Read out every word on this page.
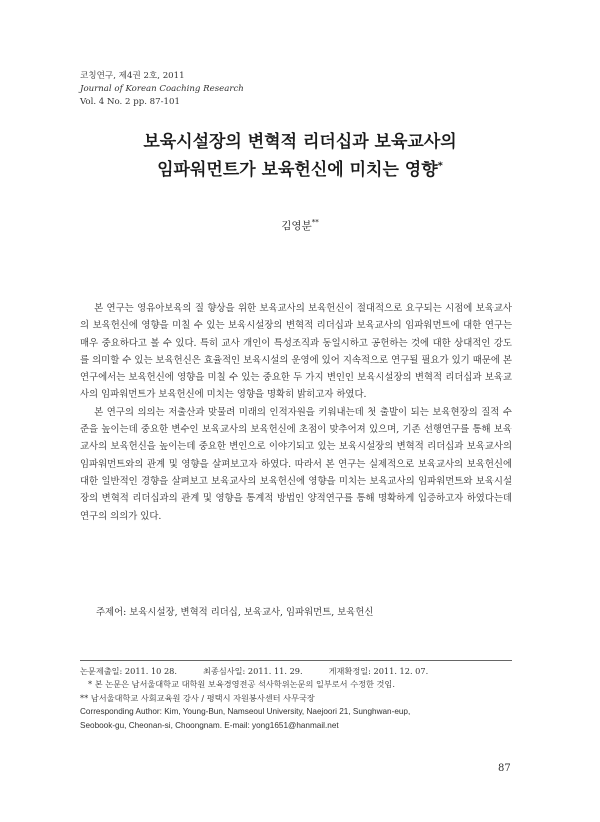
코칭연구, 제4권 2호, 2011
Journal of Korean Coaching Research
Vol. 4 No. 2 pp. 87-101
보육시설장의 변혁적 리더십과 보육교사의
임파워먼트가 보육헌신에 미치는 영향*
김영분**

본 연구는 영유아보육의 질 향상을 위한 보육교사의 보육헌신이 절대적으로 요구되는 시점에 보육교사의 보육헌신에 영향을 미칠 수 있는 보육시설장의 변혁적 리더십과 보육교사의 임파워먼트에 대한 연구는 매우 중요하다고 볼 수 있다. 특히 교사 개인이 특성조직과 동일시하고 공헌하는 것에 대한 상대적인 강도를 의미할 수 있는 보육헌신은 효율적인 보육시설의 운영에 있어 지속적으로 연구될 필요가 있기 때문에 본 연구에서는 보육헌신에 영향을 미칠 수 있는 중요한 두 가지 변인인 보육시설장의 변혁적 리더십과 보육교사의 임파워먼트가 보육헌신에 미치는 영향을 명확히 밝히고자 하였다.

본 연구의 의의는 저출산과 맞물려 미래의 인적자원을 키워내는데 첫 출발이 되는 보육현장의 질적 수준을 높이는데 중요한 변수인 보육교사의 보육헌신에 초점이 맞추어져 있으며, 기존 선행연구를 통해 보육교사의 보육헌신을 높이는데 중요한 변인으로 이야기되고 있는 보육시설장의 변혁적 리더십과 보육교사의 임파워먼트와의 관계 및 영향을 살펴보고자 하였다. 따라서 본 연구는 실제적으로 보육교사의 보육헌신에 대한 일반적인 경향을 살펴보고 보육교사의 보육헌신에 영향을 미치는 보육교사의 임파워먼트와 보육시설장의 변혁적 리더십과의 관계 및 영향을 통계적 방법인 양적연구를 통해 명확하게 입증하고자 하였다는데 연구의 의의가 있다.

주제어: 보육시설장, 변혁적 리더십, 보육교사, 임파워먼트, 보육헌신
논문제출일: 2011. 10 28.	최종심사일: 2011. 11. 29.	게재확정일: 2011. 12. 07.
* 본 논문은 남서울대학교 대학원 보육경영전공 석사학위논문의 일부로서 수정한 것임.
** 남서울대학교 사회교육원 강사 / 평택시 자원봉사센터 사무국장
Corresponding Author: Kim, Young-Bun, Namseoul University, Naejoori 21, Sunghwan-eup,
Seobook-gu, Cheonan-si, Choongnam. E-mail: yong1651@hanmail.net
87
